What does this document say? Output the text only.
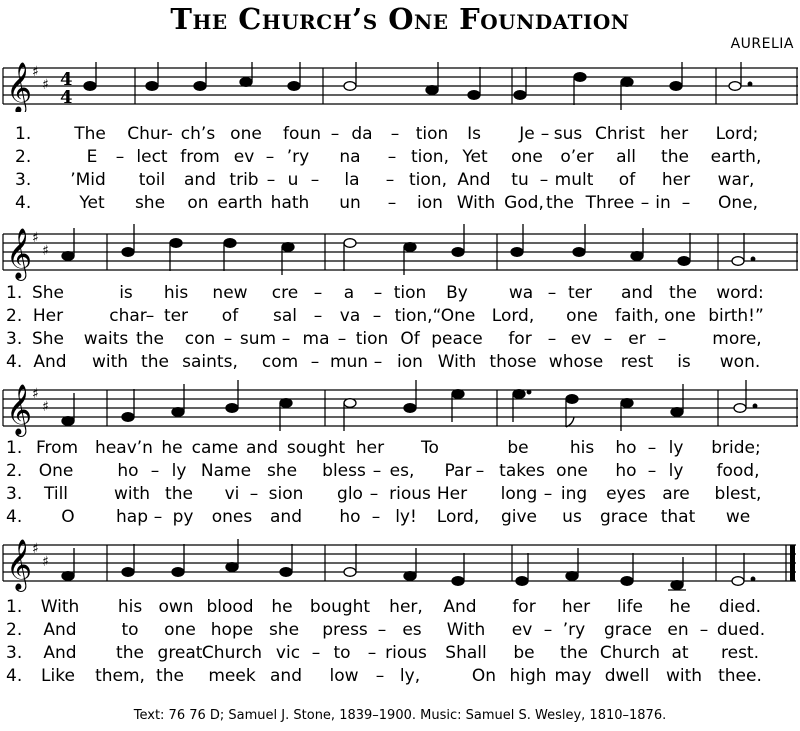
The Church’s One Foundation
AURELIA
𝄞 ♯
♯ 4
4
1.	The Chur- ch’s one foun – da – tion Is Je – sus Christ her Lord;
2.	E – lect from ev – ’ry na – tion, Yet one o’er all the earth,
3. ’Mid toil and trib – u – la – tion, And tu – mult of her war,
4.	Yet she on earth hath un – ion With God, the Three – in – One,
𝄞 ♯
♯
1. She	is his new cre – a – tion By wa – ter and the word:
2. Her	char
– ter of sal – va – tion,“One Lord, one faith, one birth!”
3. She waits the con – sum – ma – tion Of peace for – ev – er –	more,
4. And with the saints, com – mun – ion With those whose rest is won.
𝄞 ♯
♯
1. From heav’n he came and sought her To	be his ho – ly bride;
2. One	ho – ly Name she bless – es, Par – takes one ho – ly food,
3. Till	with the vi – sion glo – rious Her long – ing eyes are blest,
4. O hap – py ones and ho – ly! Lord, give us grace that we
𝄞 ♯
♯
1. With his own blood he bought her, And for her life he died.
2. And	to one hope she press – es With ev – ’ry grace en – dued.
3. And the great Church vic – to – rious Shall be the Church at rest.
4. Like them, the meek and low – ly,	On high may dwell with thee.
Text: 76 76 D; Samuel J. Stone, 1839–1900. Music: Samuel S. Wesley, 1810–1876.
